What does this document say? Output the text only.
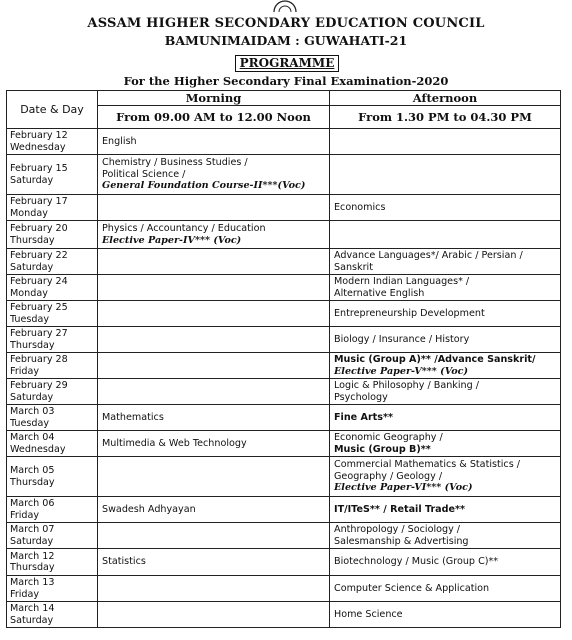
ASSAM HIGHER SECONDARY EDUCATION COUNCIL
BAMUNIMAIDAM : GUWAHATI-21
PROGRAMME
For the Higher Secondary Final Examination-2020
Date & Day	Morning	Afternoon
	From 09.00 AM to 12.00 Noon	From 1.30 PM to 04.30 PM

February 12
Wednesday	English	

February 15
Saturday	Chemistry / Business Studies /
Political Science /
General Foundation Course-II***(Voc)	

February 17
Monday		Economics

February 20
Thursday	Physics / Accountancy / Education
Elective Paper-IV*** (Voc)	

February 22
Saturday		Advance Languages*/ Arabic / Persian /
Sanskrit

February 24
Monday		Modern Indian Languages* /
Alternative English

February 25
Tuesday		Entrepreneurship Development

February 27
Thursday		Biology / Insurance / History

February 28
Friday		Music (Group A)** /Advance Sanskrit/
Elective Paper-V*** (Voc)

February 29
Saturday		Logic & Philosophy / Banking /
Psychology

March 03
Tuesday	Mathematics	Fine Arts**

March 04
Wednesday	Multimedia & Web Technology	Economic Geography /
Music (Group B)**

March 05
Thursday		Commercial Mathematics & Statistics /
Geography / Geology /
Elective Paper-VI*** (Voc)

March 06
Friday	Swadesh Adhyayan	IT/ITeS** / Retail Trade**

March 07
Saturday		Anthropology / Sociology /
Salesmanship & Advertising

March 12
Thursday	Statistics	Biotechnology / Music (Group C)**

March 13
Friday		Computer Science & Application

March 14
Saturday		Home Science
